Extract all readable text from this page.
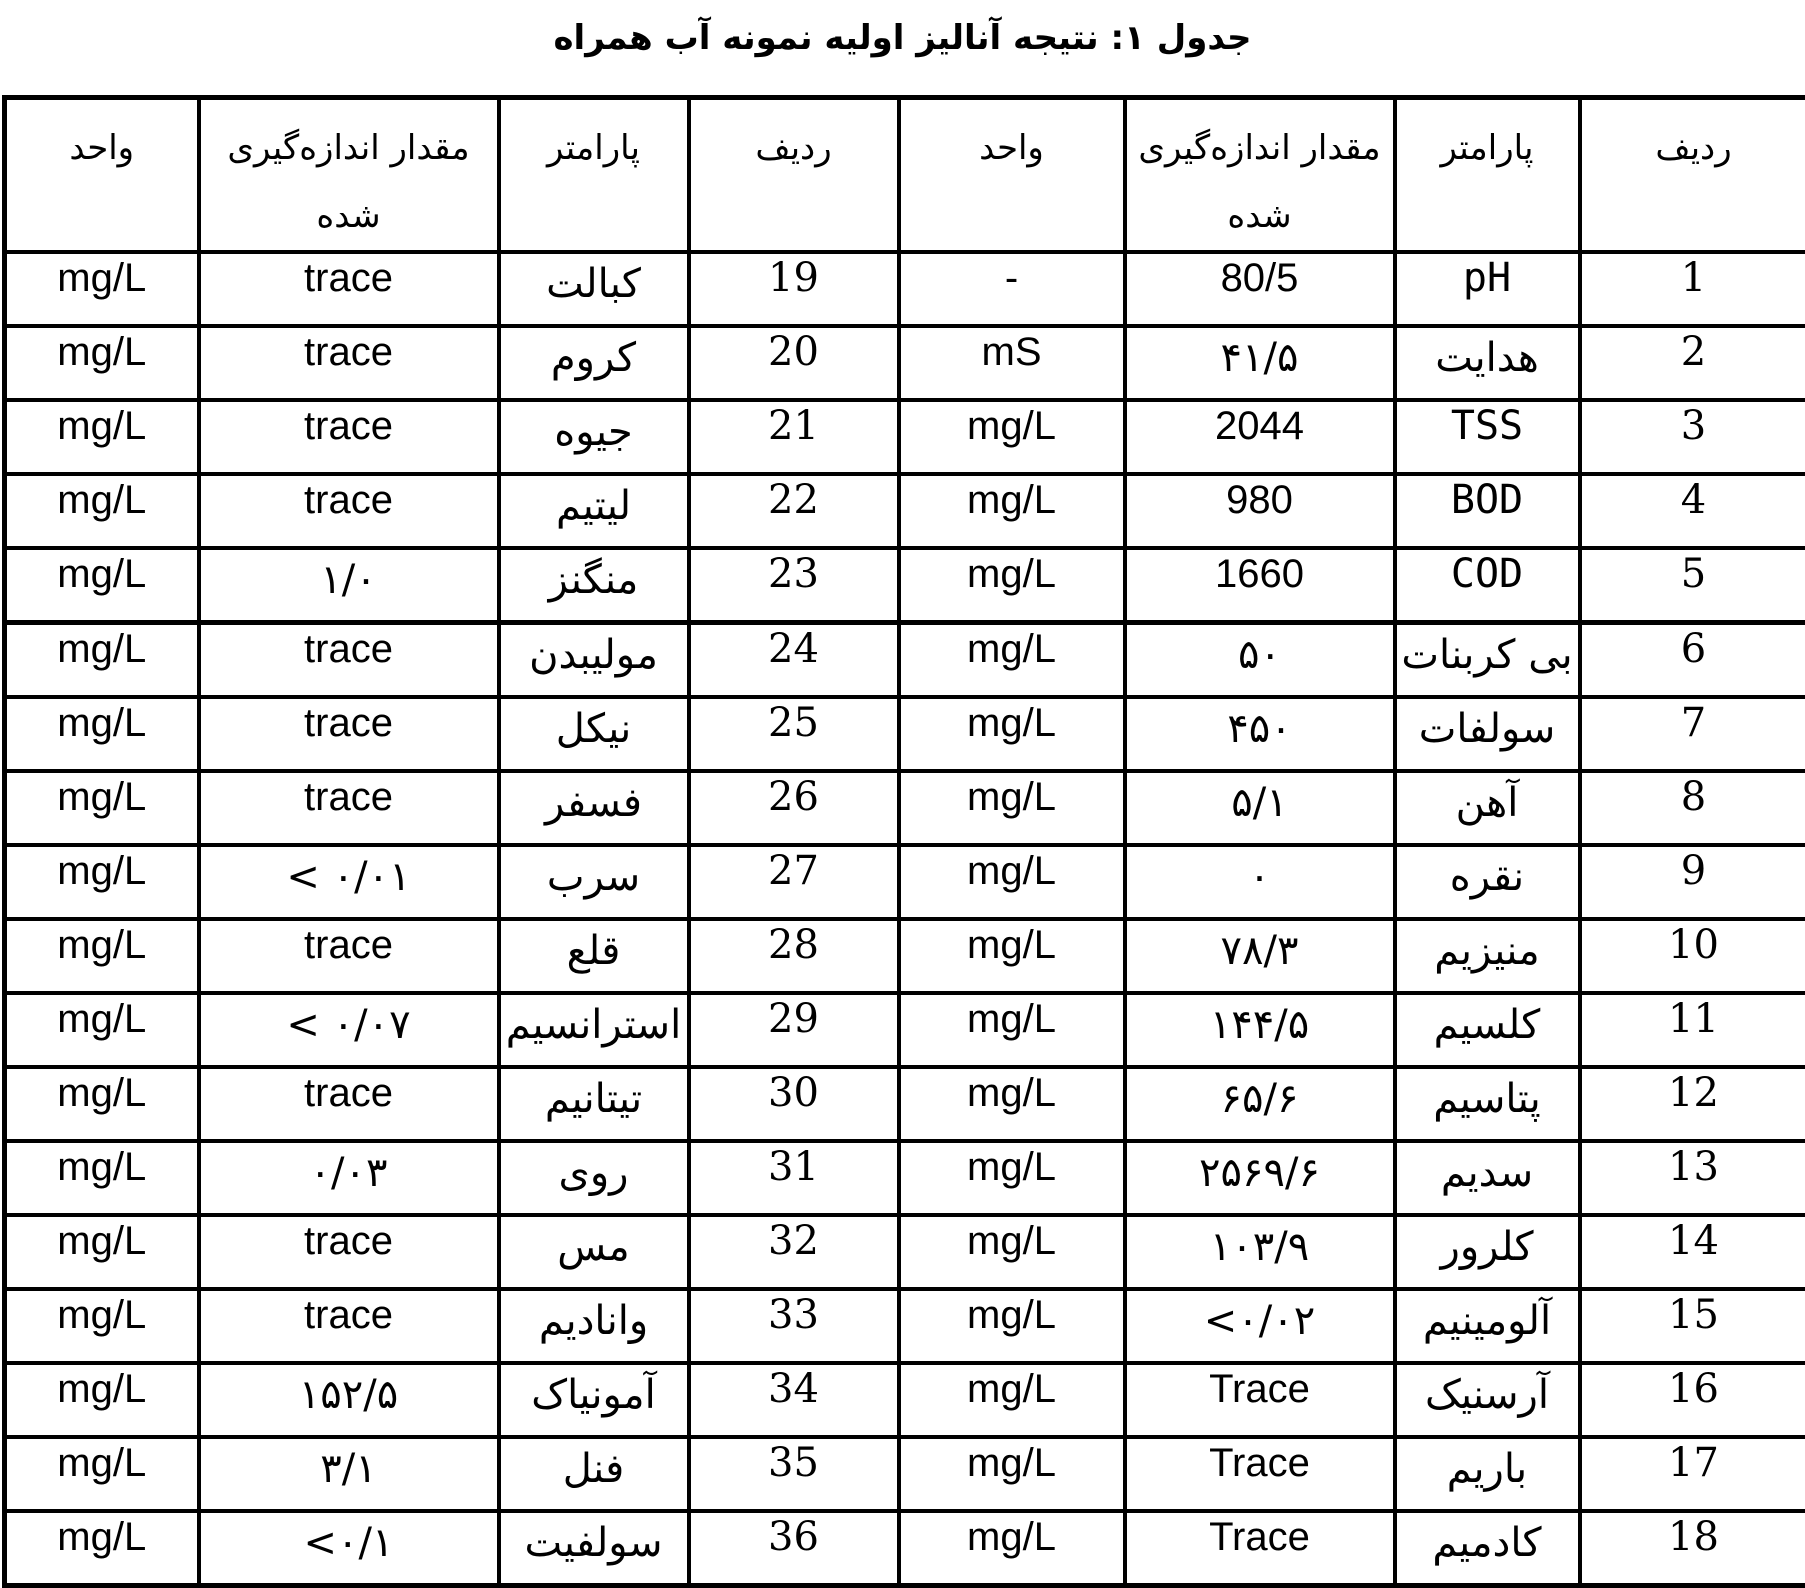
جدول ۱: نتیجه آنالیز اولیه نمونه آب همراه
واحد	مقدار اندازه‌گیری شده	پارامتر	ردیف	واحد	مقدار اندازه‌گیری شده	پارامتر	ردیف
mg/L	trace	کبالت	19	-	80/5	pH	1
mg/L	trace	کروم	20	mS	۴۱/۵	هدایت	2
mg/L	trace	جیوه	21	mg/L	2044	TSS	3
mg/L	trace	لیتیم	22	mg/L	980	BOD	4
mg/L	۱/۰	منگنز	23	mg/L	1660	COD	5
mg/L	trace	مولیبدن	24	mg/L	۵۰	بی کربنات	6
mg/L	trace	نیکل	25	mg/L	۴۵۰	سولفات	7
mg/L	trace	فسفر	26	mg/L	۵/۱	آهن	8
mg/L	< ۰/۰۱	سرب	27	mg/L	۰	نقره	9
mg/L	trace	قلع	28	mg/L	۷۸/۳	منیزیم	10
mg/L	< ۰/۰۷	استرانسیم	29	mg/L	۱۴۴/۵	کلسیم	11
mg/L	trace	تیتانیم	30	mg/L	۶۵/۶	پتاسیم	12
mg/L	۰/۰۳	روی	31	mg/L	۲۵۶۹/۶	سدیم	13
mg/L	trace	مس	32	mg/L	۱۰۳/۹	کلرور	14
mg/L	trace	وانادیم	33	mg/L	<۰/۰۲	آلومینیم	15
mg/L	۱۵۲/۵	آمونیاک	34	mg/L	Trace	آرسنیک	16
mg/L	۳/۱	فنل	35	mg/L	Trace	باریم	17
mg/L	<۰/۱	سولفیت	36	mg/L	Trace	کادمیم	18
